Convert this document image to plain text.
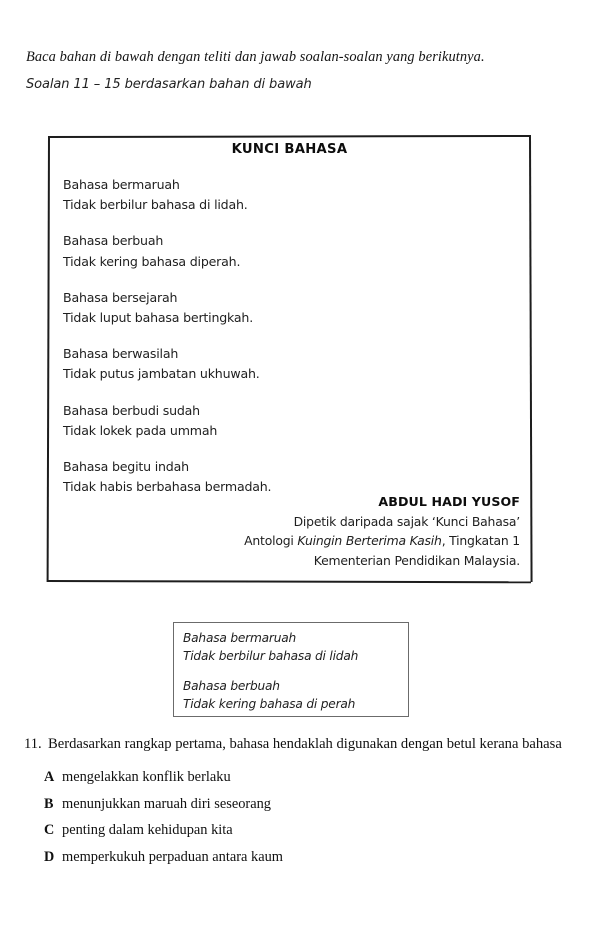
Baca bahan di bawah dengan teliti dan jawab soalan-soalan yang berikutnya.
Soalan 11 – 15 berdasarkan bahan di bawah
KUNCI BAHASA

Bahasa bermaruah
Tidak berbilur bahasa di lidah.

Bahasa berbuah
Tidak kering bahasa diperah.

Bahasa bersejarah
Tidak luput bahasa bertingkah.

Bahasa berwasilah
Tidak putus jambatan ukhuwah.

Bahasa berbudi sudah
Tidak lokek pada ummah

Bahasa begitu indah
Tidak habis berbahasa bermadah.

ABDUL HADI YUSOF
Dipetik daripada sajak ‘Kunci Bahasa’
Antologi Kuingin Berterima Kasih, Tingkatan 1
Kementerian Pendidikan Malaysia.

Bahasa bermaruah
Tidak berbilur bahasa di lidah

Bahasa berbuah
Tidak kering bahasa di perah

11. Berdasarkan rangkap pertama, bahasa hendaklah digunakan dengan betul kerana bahasa
A mengelakkan konflik berlaku
B menunjukkan maruah diri seseorang
C penting dalam kehidupan kita
D memperkukuh perpaduan antara kaum
